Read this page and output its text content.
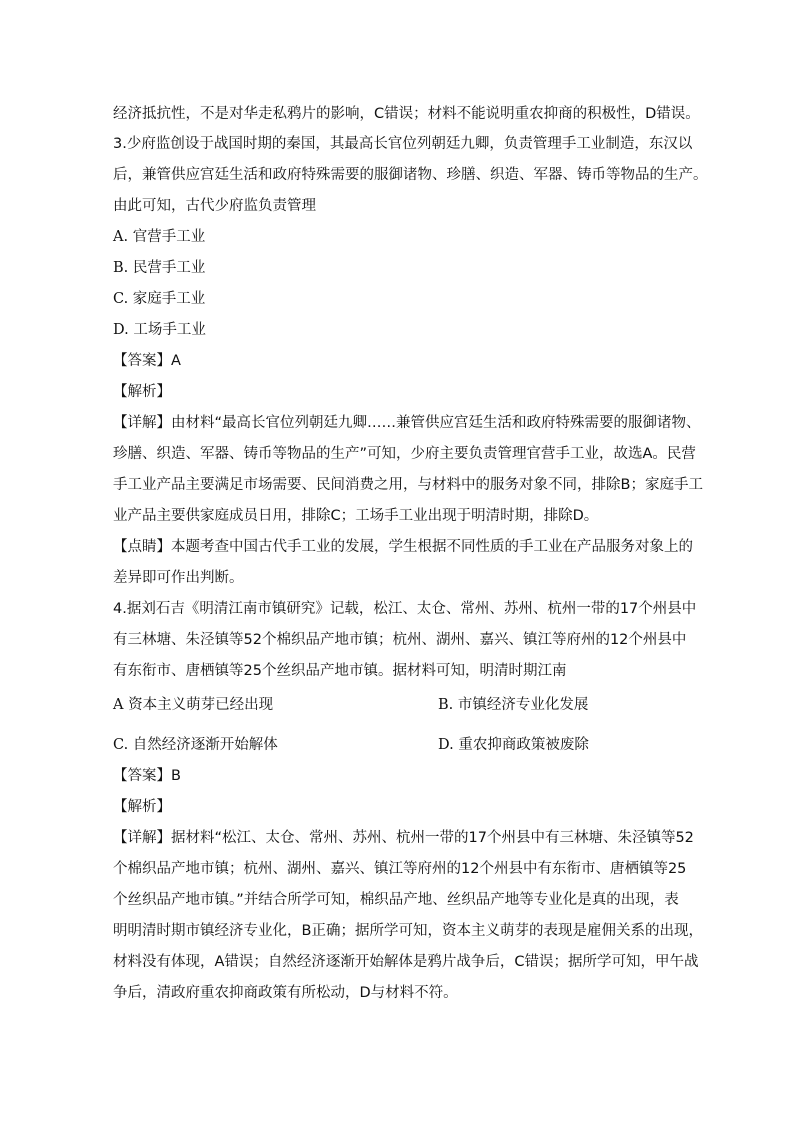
经济抵抗性，不是对华走私鸦片的影响，C错误；材料不能说明重农抑商的积极性，D错误。
3.少府监创设于战国时期的秦国，其最高长官位列朝廷九卿，负责管理手工业制造，东汉以
后，兼管供应宫廷生活和政府特殊需要的服御诸物、珍膳、织造、军器、铸币等物品的生产。
由此可知，古代少府监负责管理
A. 官营手工业
B. 民营手工业
C. 家庭手工业
D. 工场手工业
【答案】A
【解析】
【详解】由材料“最高长官位列朝廷九卿……兼管供应宫廷生活和政府特殊需要的服御诸物、
珍膳、织造、军器、铸币等物品的生产”可知，少府主要负责管理官营手工业，故选A。民营
手工业产品主要满足市场需要、民间消费之用，与材料中的服务对象不同，排除B；家庭手工
业产品主要供家庭成员日用，排除C；工场手工业出现于明清时期，排除D。
【点睛】本题考查中国古代手工业的发展，学生根据不同性质的手工业在产品服务对象上的
差异即可作出判断。
4.据刘石吉《明清江南市镇研究》记载，松江、太仓、常州、苏州、杭州一带的17个州县中
有三林塘、朱泾镇等52个棉织品产地市镇；杭州、湖州、嘉兴、镇江等府州的12个州县中
有东衔市、唐栖镇等25个丝织品产地市镇。据材料可知，明清时期江南
A 资本主义萌芽已经出现	B. 市镇经济专业化发展
C. 自然经济逐渐开始解体	D. 重农抑商政策被废除
【答案】B
【解析】
【详解】据材料“松江、太仓、常州、苏州、杭州一带的17个州县中有三林塘、朱泾镇等52
个棉织品产地市镇；杭州、湖州、嘉兴、镇江等府州的12个州县中有东衔市、唐栖镇等25
个丝织品产地市镇。”并结合所学可知，棉织品产地、丝织品产地等专业化是真的出现，表
明明清时期市镇经济专业化，B正确；据所学可知，资本主义萌芽的表现是雇佣关系的出现，
材料没有体现，A错误；自然经济逐渐开始解体是鸦片战争后，C错误；据所学可知，甲午战
争后，清政府重农抑商政策有所松动，D与材料不符。
